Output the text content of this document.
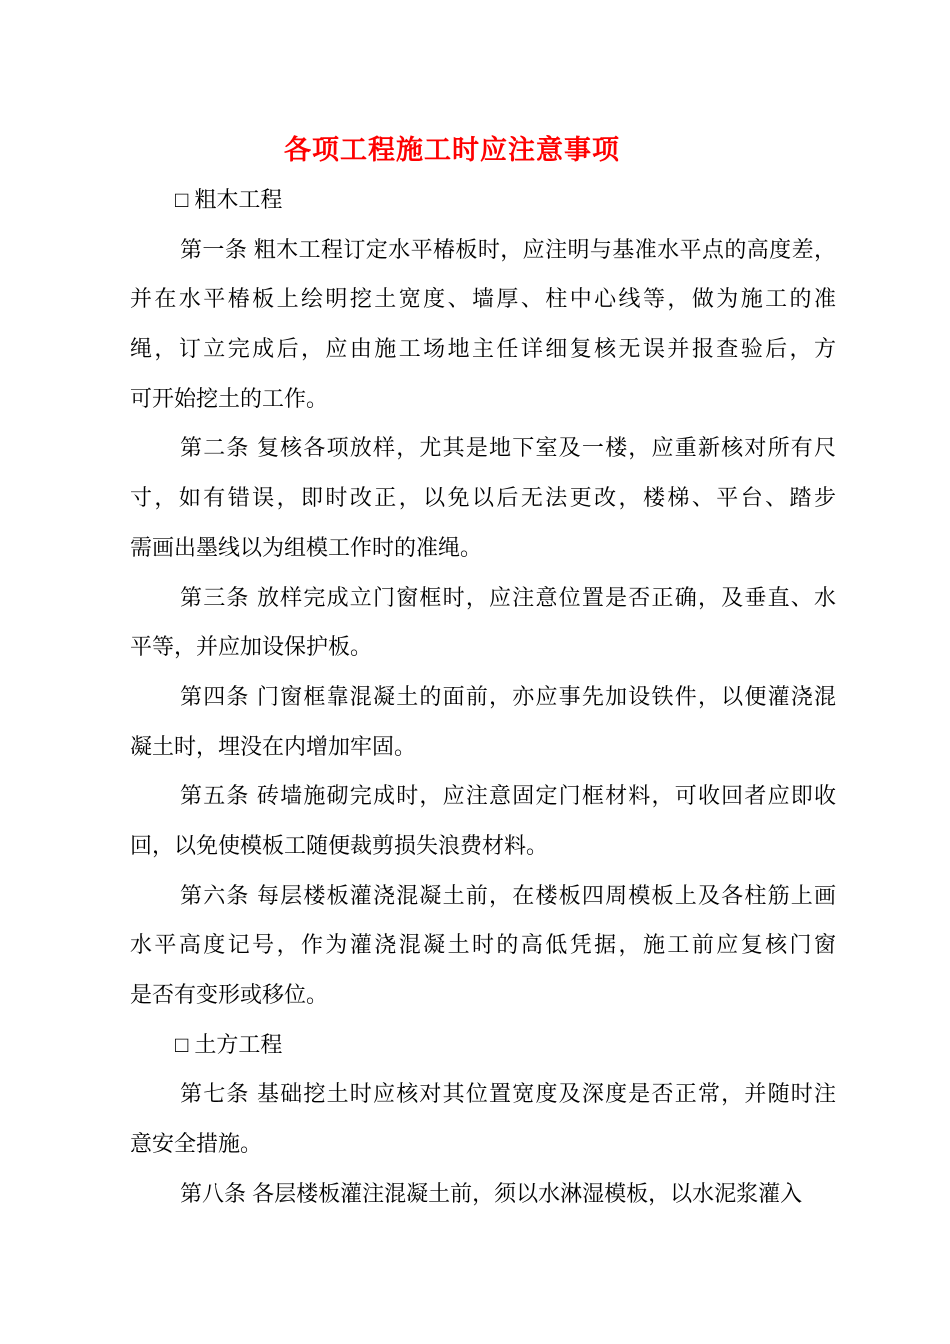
各项工程施工时应注意事项
□ 粗木工程
第一条 粗木工程订定水平椿板时，应注明与基准水平点的高度差，
并在水平椿板上绘明挖土宽度、墙厚、柱中心线等，做为施工的准
绳，订立完成后，应由施工场地主任详细复核无误并报查验后，方
可开始挖土的工作。
第二条 复核各项放样，尤其是地下室及一楼，应重新核对所有尺
寸，如有错误，即时改正，以免以后无法更改，楼梯、平台、踏步
需画出墨线以为组模工作时的准绳。
第三条 放样完成立门窗框时，应注意位置是否正确，及垂直、水
平等，并应加设保护板。
第四条 门窗框靠混凝土的面前，亦应事先加设铁件，以便灌浇混
凝土时，埋没在内增加牢固。
第五条 砖墙施砌完成时，应注意固定门框材料，可收回者应即收
回，以免使模板工随便裁剪损失浪费材料。
第六条 每层楼板灌浇混凝土前，在楼板四周模板上及各柱筋上画
水平高度记号，作为灌浇混凝土时的高低凭据，施工前应复核门窗
是否有变形或移位。
□ 土方工程
第七条 基础挖土时应核对其位置宽度及深度是否正常，并随时注
意安全措施。
第八条 各层楼板灌注混凝土前，须以水淋湿模板，以水泥浆灌入
